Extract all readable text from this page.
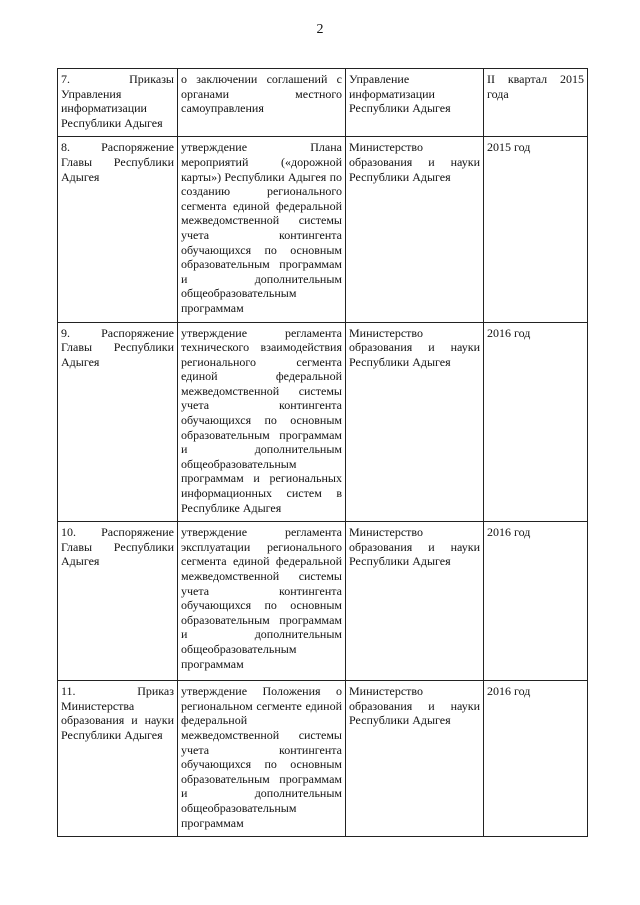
2
7. Приказы Управления информатизации Республики Адыгея	о заключении соглашений с органами местного самоуправления	Управление информатизации Республики Адыгея	II квартал 2015 года
8. Распоряжение Главы Республики Адыгея	утверждение Плана мероприятий («дорожной карты») Республики Адыгея по созданию регионального сегмента единой федеральной межведомственной системы учета контингента обучающихся по основным образовательным программам и дополнительным общеобразовательным программам	Министерство образования и науки Республики Адыгея	2015 год
9. Распоряжение Главы Республики Адыгея	утверждение регламента технического взаимодействия регионального сегмента единой федеральной межведомственной системы учета контингента обучающихся по основным образовательным программам и дополнительным общеобразовательным программам и региональных информационных систем в Республике Адыгея	Министерство образования и науки Республики Адыгея	2016 год
10. Распоряжение Главы Республики Адыгея	утверждение регламента эксплуатации регионального сегмента единой федеральной межведомственной системы учета контингента обучающихся по основным образовательным программам и дополнительным общеобразовательным программам	Министерство образования и науки Республики Адыгея	2016 год
11. Приказ Министерства образования и науки Республики Адыгея	утверждение Положения о региональном сегменте единой федеральной межведомственной системы учета контингента обучающихся по основным образовательным программам и дополнительным общеобразовательным программам	Министерство образования и науки Республики Адыгея	2016 год
